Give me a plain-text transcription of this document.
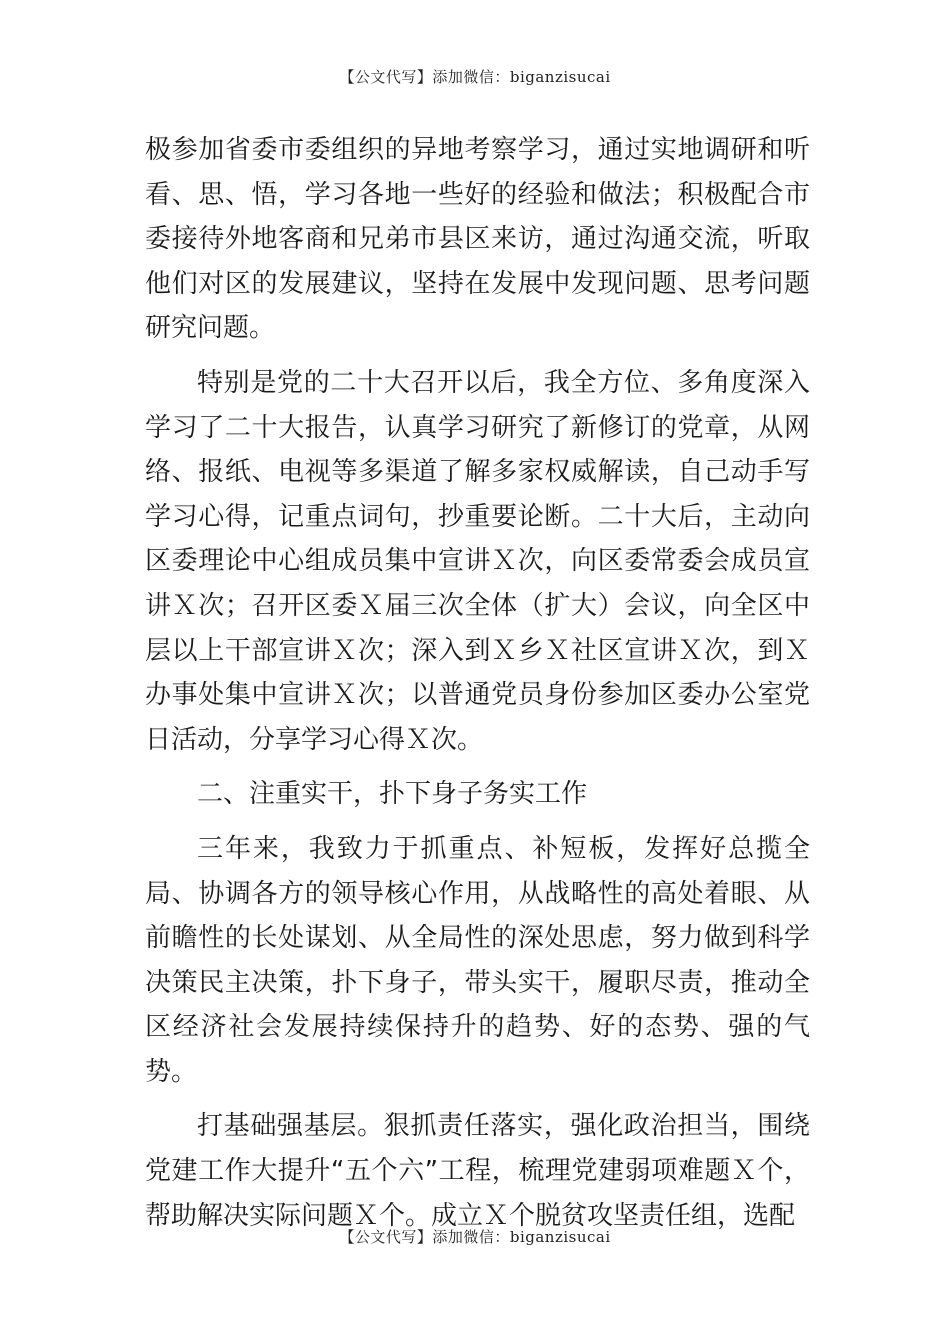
【公文代写】添加微信：biganzisucai

极参加省委市委组织的异地考察学习，通过实地调研和听看、思、悟，学习各地一些好的经验和做法；积极配合市委接待外地客商和兄弟市县区来访，通过沟通交流，听取他们对区的发展建议，坚持在发展中发现问题、思考问题研究问题。

特别是党的二十大召开以后，我全方位、多角度深入学习了二十大报告，认真学习研究了新修订的党章，从网络、报纸、电视等多渠道了解多家权威解读，自己动手写学习心得，记重点词句，抄重要论断。二十大后，主动向区委理论中心组成员集中宣讲Ｘ次，向区委常委会成员宣讲Ｘ次；召开区委Ｘ届三次全体（扩大）会议，向全区中层以上干部宣讲Ｘ次；深入到Ｘ乡Ｘ社区宣讲Ｘ次，到Ｘ办事处集中宣讲Ｘ次；以普通党员身份参加区委办公室党日活动，分享学习心得Ｘ次。

二、注重实干，扑下身子务实工作

三年来，我致力于抓重点、补短板，发挥好总揽全局、协调各方的领导核心作用，从战略性的高处着眼、从前瞻性的长处谋划、从全局性的深处思虑，努力做到科学决策民主决策，扑下身子，带头实干，履职尽责，推动全区经济社会发展持续保持升的趋势、好的态势、强的气势。

打基础强基层。狠抓责任落实，强化政治担当，围绕党建工作大提升“五个六”工程，梳理党建弱项难题Ｘ个，帮助解决实际问题Ｘ个。成立Ｘ个脱贫攻坚责任组，选配

【公文代写】添加微信：biganzisucai
